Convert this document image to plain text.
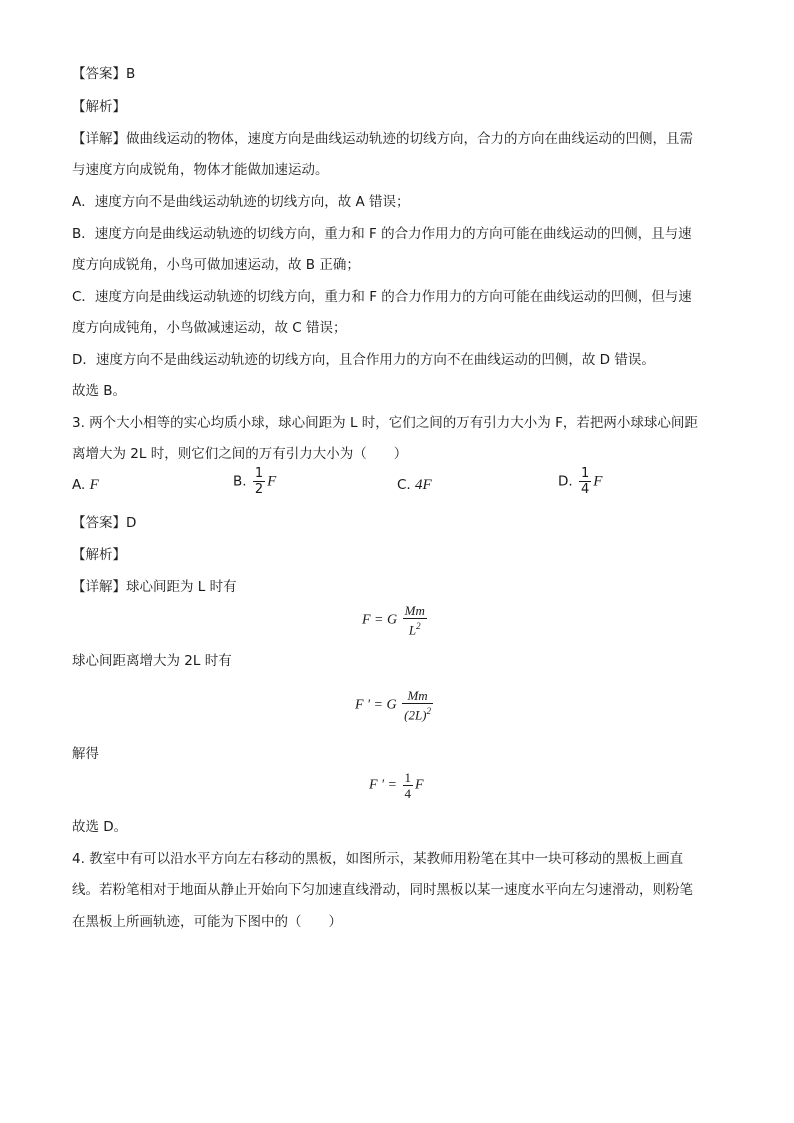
【答案】B
【解析】
【详解】做曲线运动的物体，速度方向是曲线运动轨迹的切线方向，合力的方向在曲线运动的凹侧，且需
与速度方向成锐角，物体才能做加速运动。
A．速度方向不是曲线运动轨迹的切线方向，故 A 错误；
B．速度方向是曲线运动轨迹的切线方向，重力和 F 的合力作用力的方向可能在曲线运动的凹侧，且与速
度方向成锐角，小鸟可做加速运动，故 B 正确；
C．速度方向是曲线运动轨迹的切线方向，重力和 F 的合力作用力的方向可能在曲线运动的凹侧，但与速
度方向成钝角，小鸟做减速运动，故 C 错误；
D．速度方向不是曲线运动轨迹的切线方向，且合作用力的方向不在曲线运动的凹侧，故 D 错误。
故选 B。
3. 两个大小相等的实心均质小球，球心间距为 L 时，它们之间的万有引力大小为 F，若把两小球球心间距
离增大为 2L 时，则它们之间的万有引力大小为（　　）
A. F	B. $\frac{1}{2}$ F	C. 4F	D. $\frac{1}{4}$ F
【答案】D
【解析】
【详解】球心间距为 L 时有
F = G $\frac{Mm}{L^2}$
球心间距离增大为 2L 时有
F ' = G $\frac{Mm}{(2L)^2}$
解得
F ' = $\frac{1}{4}$ F
故选 D。
4. 教室中有可以沿水平方向左右移动的黑板，如图所示，某教师用粉笔在其中一块可移动的黑板上画直
线。若粉笔相对于地面从静止开始向下匀加速直线滑动，同时黑板以某一速度水平向左匀速滑动，则粉笔
在黑板上所画轨迹，可能为下图中的（　　）
